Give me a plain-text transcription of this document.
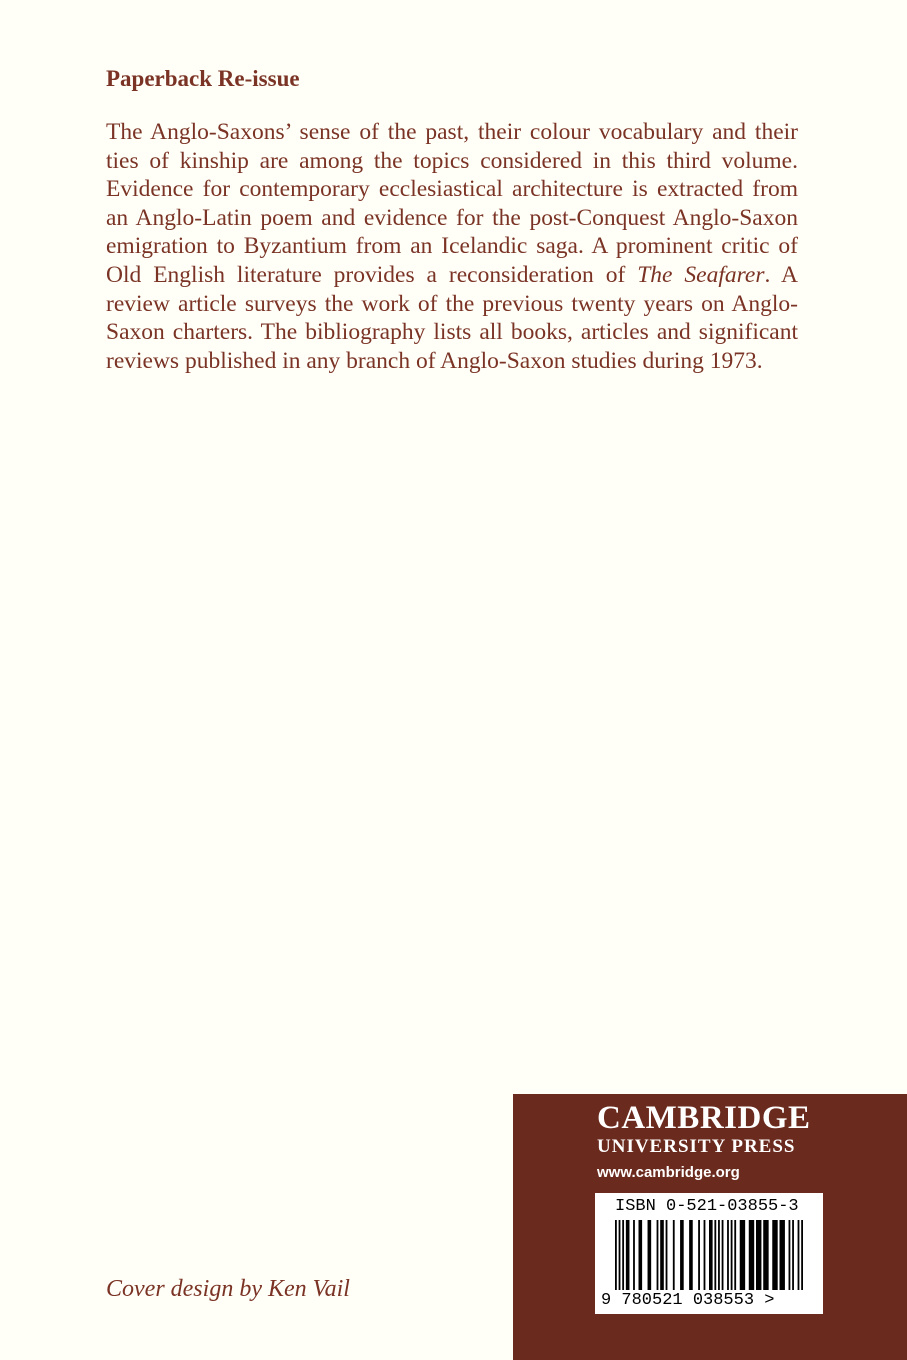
Paperback Re-issue

The Anglo-Saxons’ sense of the past, their colour vocabulary and their ties of kinship are among the topics considered in this third volume. Evidence for contemporary ecclesiastical architecture is extracted from an Anglo-Latin poem and evidence for the post-Conquest Anglo-Saxon emigration to Byzantium from an Icelandic saga. A prominent critic of Old English literature provides a reconsideration of The Seafarer. A review article surveys the work of the previous twenty years on Anglo-Saxon charters. The bibliography lists all books, articles and significant reviews published in any branch of Anglo-Saxon studies during 1973.

Cover design by Ken Vail

CAMBRIDGE
UNIVERSITY PRESS
www.cambridge.org
ISBN 0-521-03855-3
9 780521 038553 >
